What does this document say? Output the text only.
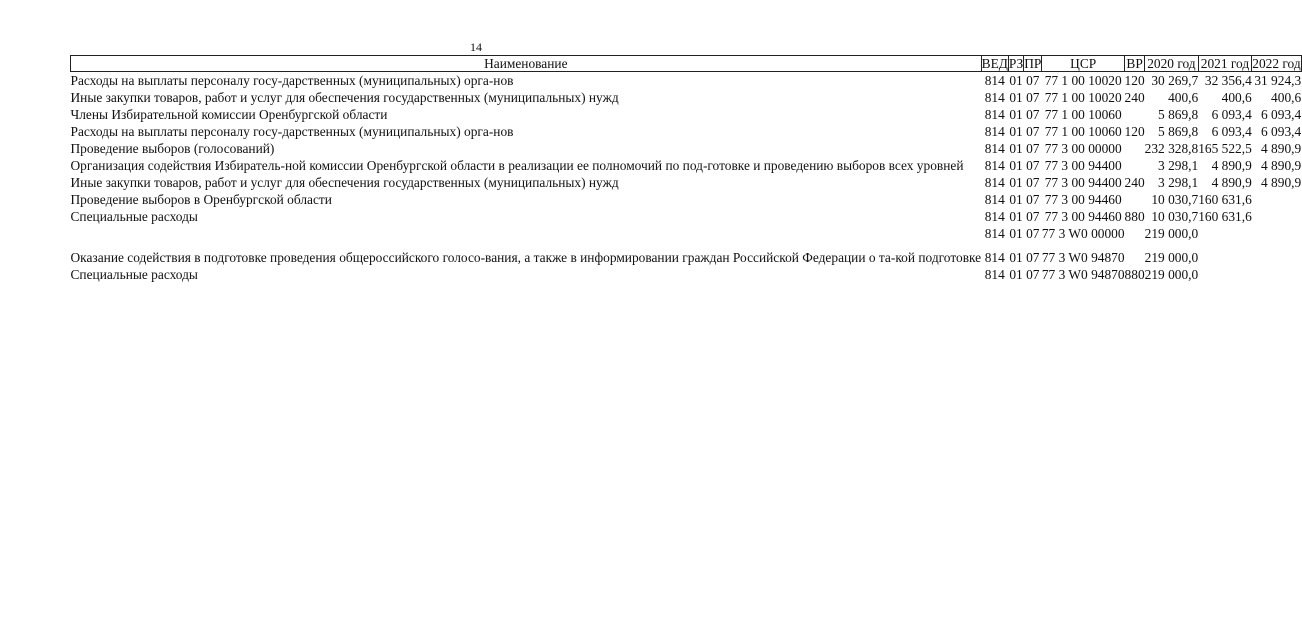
14
Наименование	ВЕД	РЗ	ПР	ЦСР	ВР	2020 год	2021 год	2022 год
Расходы на выплаты персоналу госу-дарственных (муниципальных) орга-нов	814	01	07	77 1 00 10020	120	30 269,7	32 356,4	31 924,3
Иные закупки товаров, работ и услуг для обеспечения государственных (муниципальных) нужд	814	01	07	77 1 00 10020	240	400,6	400,6	400,6
Члены Избирательной комиссии Оренбургской области	814	01	07	77 1 00 10060		5 869,8	6 093,4	6 093,4
Расходы на выплаты персоналу госу-дарственных (муниципальных) орга-нов	814	01	07	77 1 00 10060	120	5 869,8	6 093,4	6 093,4
Проведение выборов (голосований)	814	01	07	77 3 00 00000		232 328,8	165 522,5	4 890,9
Организация содействия Избиратель-ной комиссии Оренбургской области в реализации ее полномочий по под-готовке и проведению выборов всех уровней	814	01	07	77 3 00 94400		3 298,1	4 890,9	4 890,9
Иные закупки товаров, работ и услуг для обеспечения государственных (муниципальных) нужд	814	01	07	77 3 00 94400	240	3 298,1	4 890,9	4 890,9
Проведение выборов в Оренбургской области	814	01	07	77 3 00 94460		10 030,7	160 631,6	
Специальные расходы	814	01	07	77 3 00 94460	880	10 030,7	160 631,6	
	814	01	07	77 3 W0 00000		219 000,0		
Оказание содействия в подготовке проведения общероссийского голосо-вания, а также в информировании граждан Российской Федерации о та-кой подготовке	814	01	07	77 3 W0 94870		219 000,0		
Специальные расходы	814	01	07	77 3 W0 94870	880	219 000,0		
